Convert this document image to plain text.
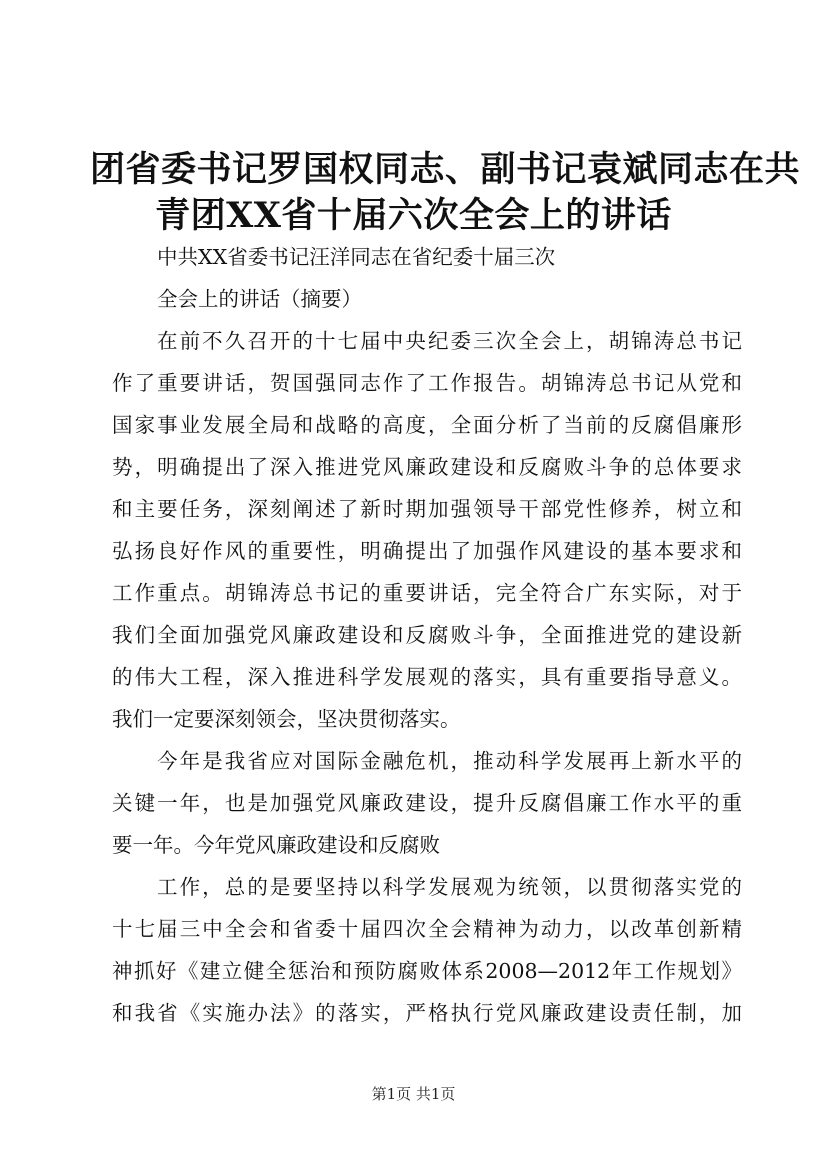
团省委书记罗国权同志、副书记袁斌同志在共
青团XX省十届六次全会上的讲话
中共XX省委书记汪洋同志在省纪委十届三次
全会上的讲话（摘要）
在前不久召开的十七届中央纪委三次全会上，胡锦涛总书记
作了重要讲话，贺国强同志作了工作报告。胡锦涛总书记从党和
国家事业发展全局和战略的高度，全面分析了当前的反腐倡廉形
势，明确提出了深入推进党风廉政建设和反腐败斗争的总体要求
和主要任务，深刻阐述了新时期加强领导干部党性修养，树立和
弘扬良好作风的重要性，明确提出了加强作风建设的基本要求和
工作重点。胡锦涛总书记的重要讲话，完全符合广东实际，对于
我们全面加强党风廉政建设和反腐败斗争，全面推进党的建设新
的伟大工程，深入推进科学发展观的落实，具有重要指导意义。
我们一定要深刻领会，坚决贯彻落实。
今年是我省应对国际金融危机，推动科学发展再上新水平的
关键一年，也是加强党风廉政建设，提升反腐倡廉工作水平的重
要一年。今年党风廉政建设和反腐败
工作，总的是要坚持以科学发展观为统领，以贯彻落实党的
十七届三中全会和省委十届四次全会精神为动力，以改革创新精
神抓好《建立健全惩治和预防腐败体系2008—2012年工作规划》
和我省《实施办法》的落实，严格执行党风廉政建设责任制，加
第1页 共1页
